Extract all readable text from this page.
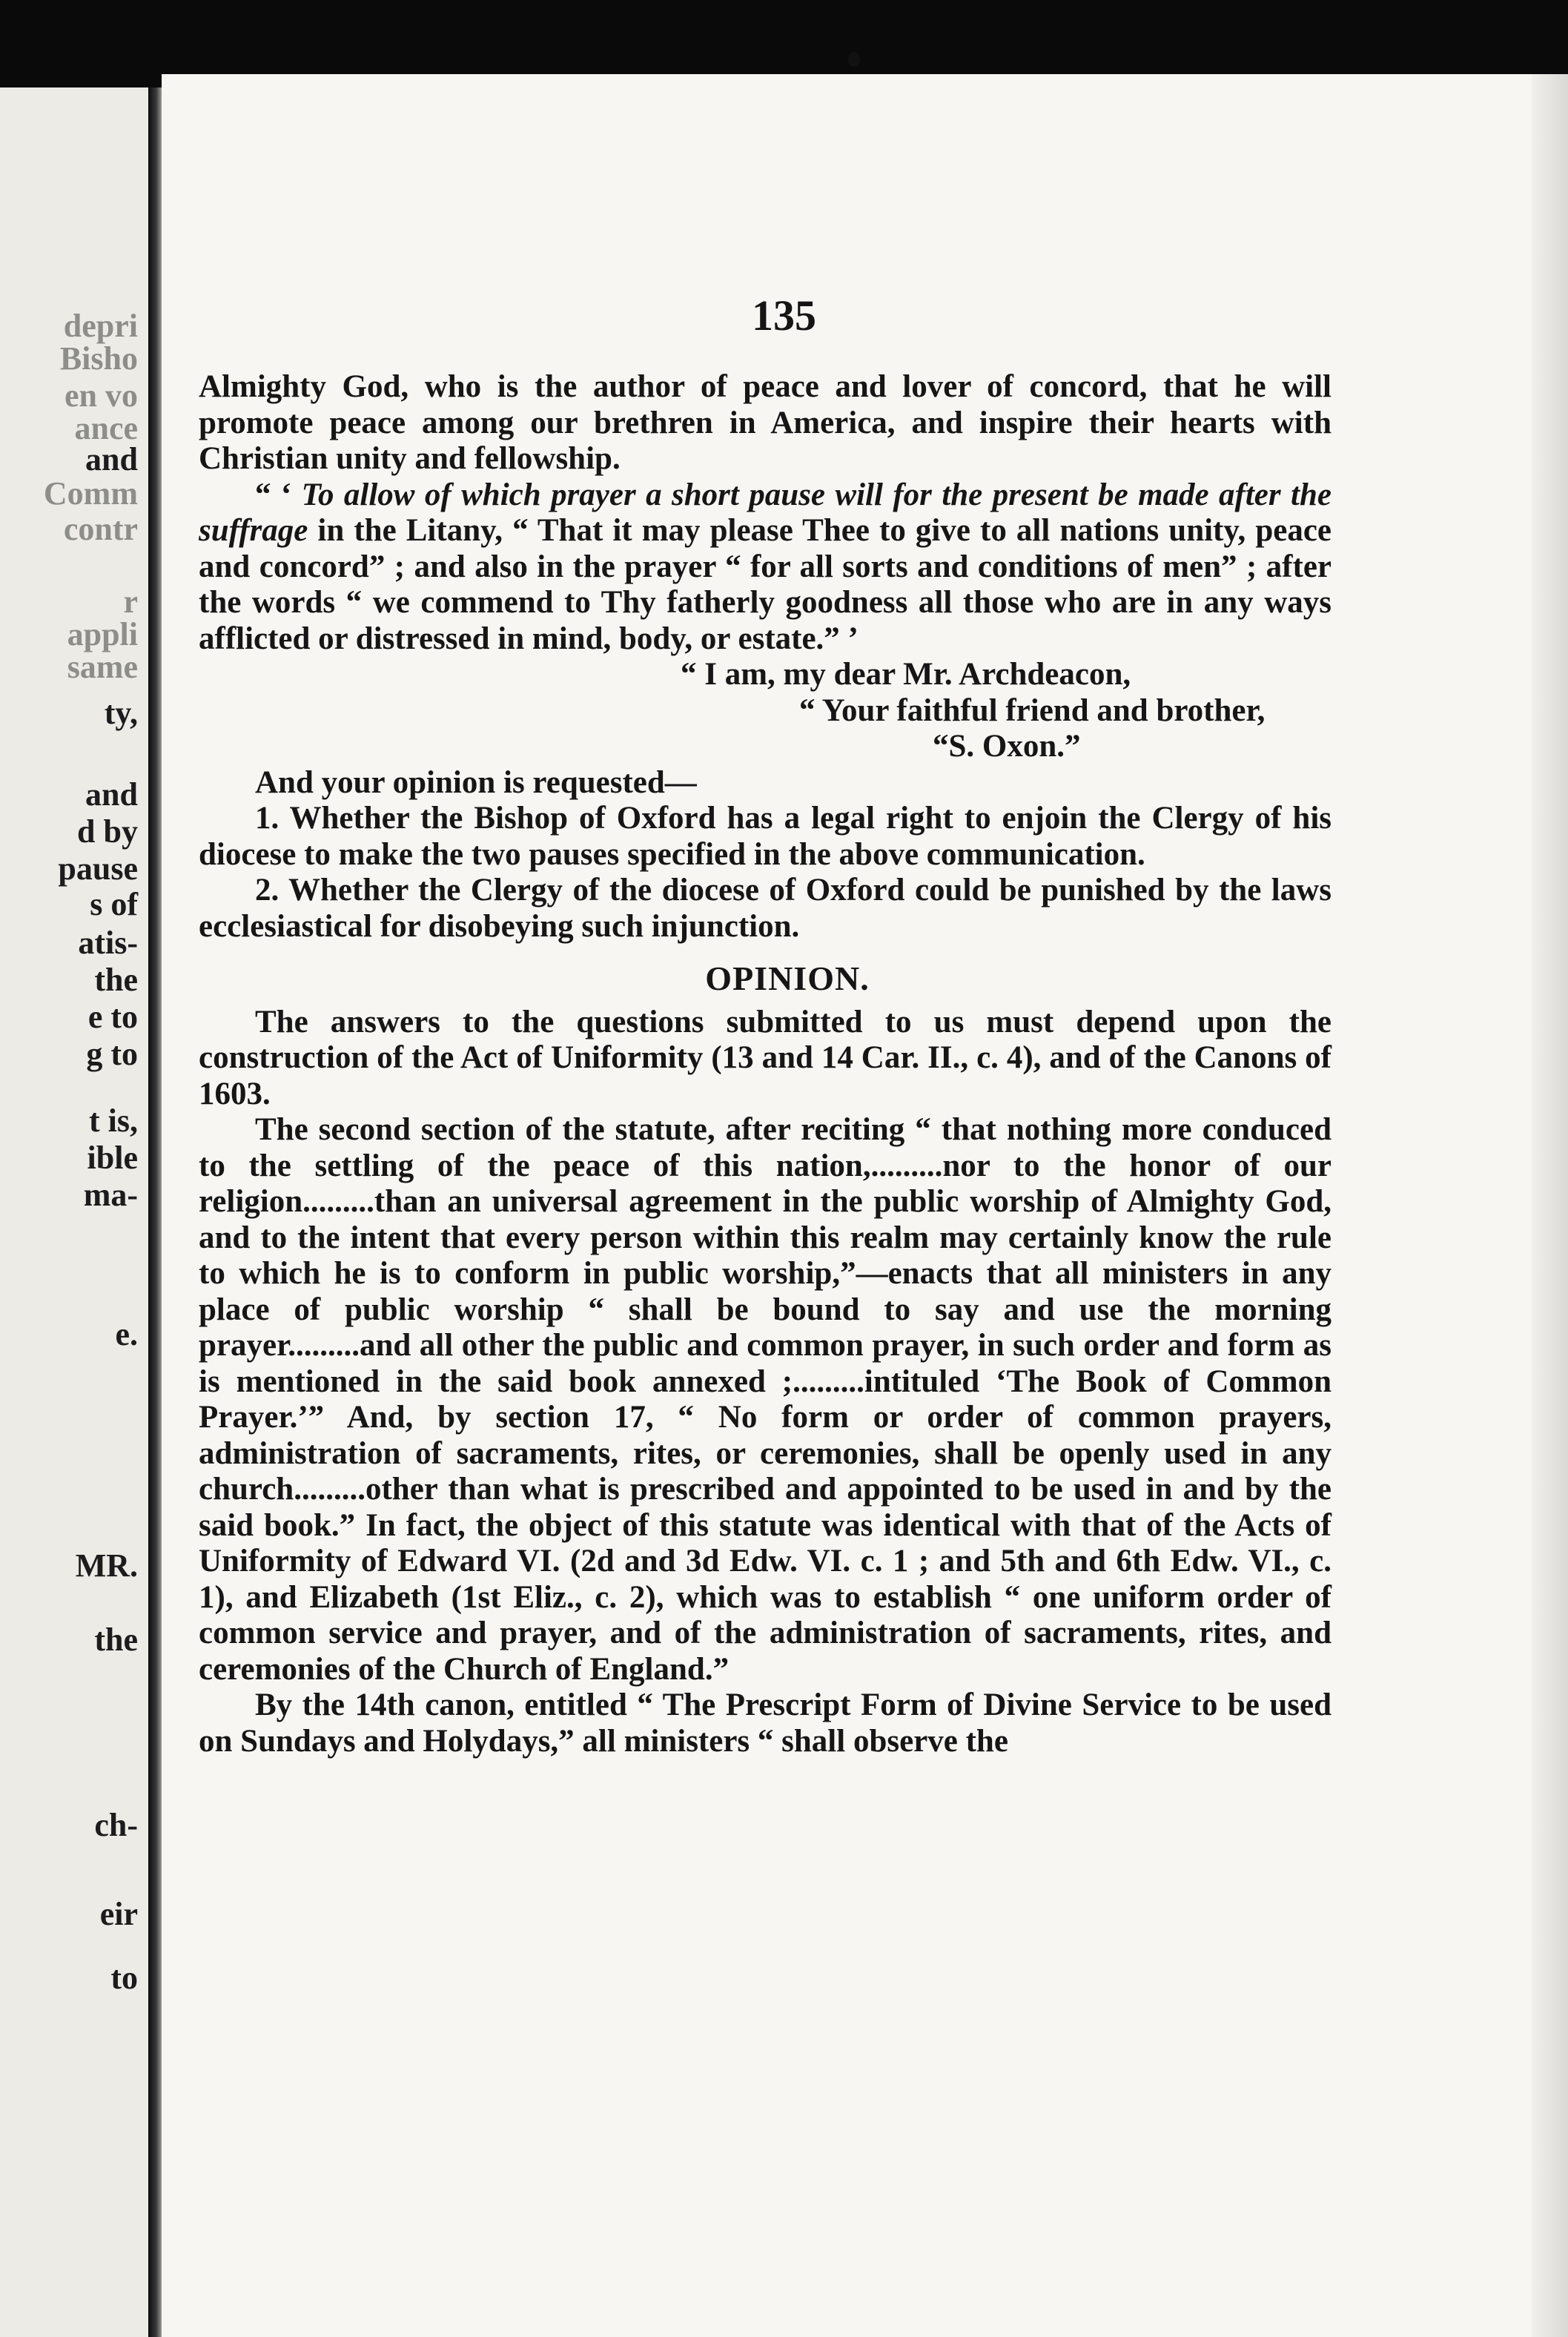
depri
Bisho
en vo
ance
and
Comm
contr
r
appli
same
ty,
and
d by
pause
s of
atis-
the
e to
g to
t is,
ible
ma-
e.
MR.
the
ch-
eir
to
135

Almighty God, who is the author of peace and lover of concord, that he will promote peace among our brethren in America, and inspire their hearts with Christian unity and fellowship.

“ ‘ To allow of which prayer a short pause will for the present be made after the suffrage in the Litany, “ That it may please Thee to give to all nations unity, peace and concord” ; and also in the prayer “ for all sorts and conditions of men” ; after the words “ we commend to Thy fatherly goodness all those who are in any ways afflicted or distressed in mind, body, or estate.” ’

“ I am, my dear Mr. Archdeacon,

“ Your faithful friend and brother,

“S. Oxon.”

And your opinion is requested—

1. Whether the Bishop of Oxford has a legal right to enjoin the Clergy of his diocese to make the two pauses specified in the above communication.

2. Whether the Clergy of the diocese of Oxford could be punished by the laws ecclesiastical for disobeying such injunction.

OPINION.

The answers to the questions submitted to us must depend upon the construction of the Act of Uniformity (13 and 14 Car. II., c. 4), and of the Canons of 1603.

The second section of the statute, after reciting “ that nothing more conduced to the settling of the peace of this nation,.........nor to the honor of our religion.........than an universal agreement in the public worship of Almighty God, and to the intent that every person within this realm may certainly know the rule to which he is to conform in public worship,”—enacts that all ministers in any place of public worship “ shall be bound to say and use the morning prayer.........and all other the public and common prayer, in such order and form as is mentioned in the said book annexed ;.........intituled ‘The Book of Common Prayer.’” And, by section 17, “ No form or order of common prayers, administration of sacraments, rites, or ceremonies, shall be openly used in any church.........other than what is prescribed and appointed to be used in and by the said book.” In fact, the object of this statute was identical with that of the Acts of Uniformity of Edward VI. (2d and 3d Edw. VI. c. 1 ; and 5th and 6th Edw. VI., c. 1), and Elizabeth (1st Eliz., c. 2), which was to establish “ one uniform order of common service and prayer, and of the administration of sacraments, rites, and ceremonies of the Church of England.”

By the 14th canon, entitled “ The Prescript Form of Divine Service to be used on Sundays and Holydays,” all ministers “ shall observe the
